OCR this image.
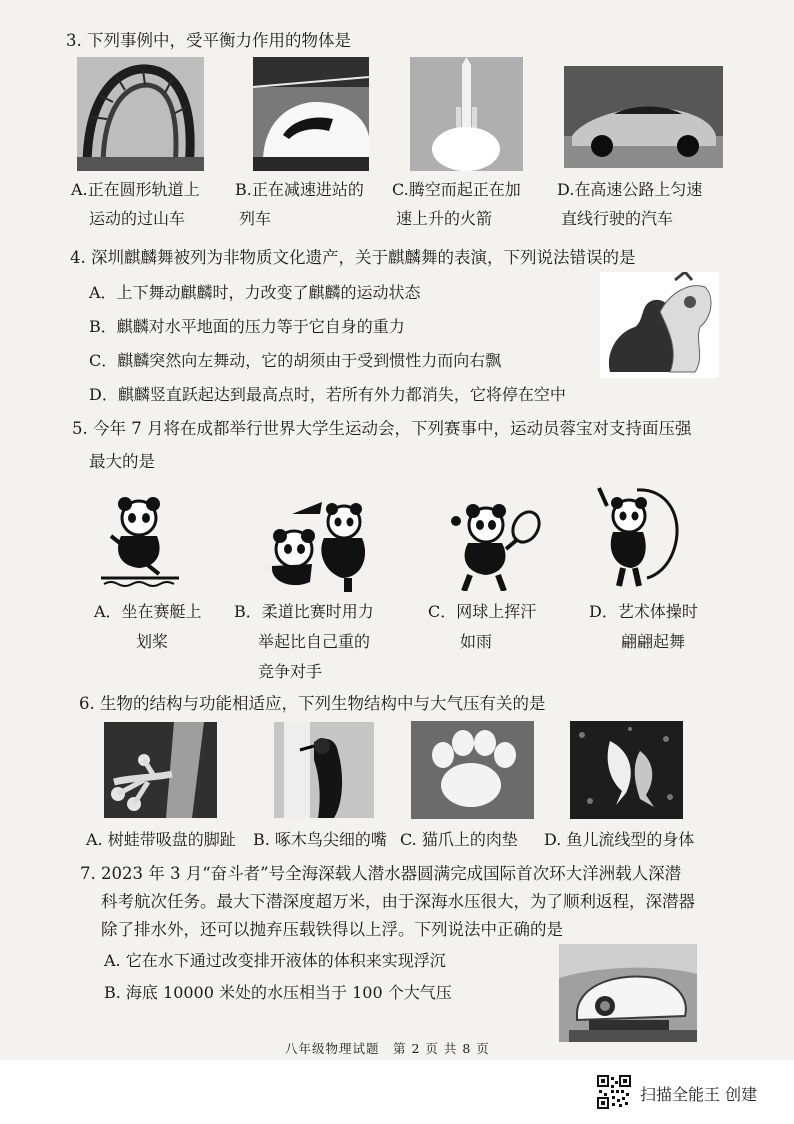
3. 下列事例中，受平衡力作用的物体是
A.正在圆形轨道上
运动的过山车
B.正在减速进站的
列车
C.腾空而起正在加
速上升的火箭
D.在高速公路上匀速
直线行驶的汽车
4. 深圳麒麟舞被列为非物质文化遗产，关于麒麟舞的表演，下列说法错误的是
A．上下舞动麒麟时，力改变了麒麟的运动状态
B．麒麟对水平地面的压力等于它自身的重力
C．麒麟突然向左舞动，它的胡须由于受到惯性力而向右飘
D．麒麟竖直跃起达到最高点时，若所有外力都消失，它将停在空中
5. 今年 7 月将在成都举行世界大学生运动会，下列赛事中，运动员蓉宝对支持面压强
最大的是
A．坐在赛艇上
划桨
B．柔道比赛时用力
举起比自己重的
竞争对手
C．网球上挥汗
如雨
D．艺术体操时
翩翩起舞
6. 生物的结构与功能相适应，下列生物结构中与大气压有关的是
A. 树蛙带吸盘的脚趾 B. 啄木鸟尖细的嘴 C. 猫爪上的肉垫 D. 鱼儿流线型的身体
7. 2023 年 3 月“奋斗者”号全海深载人潜水器圆满完成国际首次环大洋洲载人深潜
科考航次任务。最大下潜深度超万米，由于深海水压很大，为了顺利返程，深潜器
除了排水外，还可以抛弃压载铁得以上浮。下列说法中正确的是
A. 它在水下通过改变排开液体的体积来实现浮沉
B. 海底 10000 米处的水压相当于 100 个大气压
八年级物理试题　第 2 页 共 8 页
扫描全能王 创建
